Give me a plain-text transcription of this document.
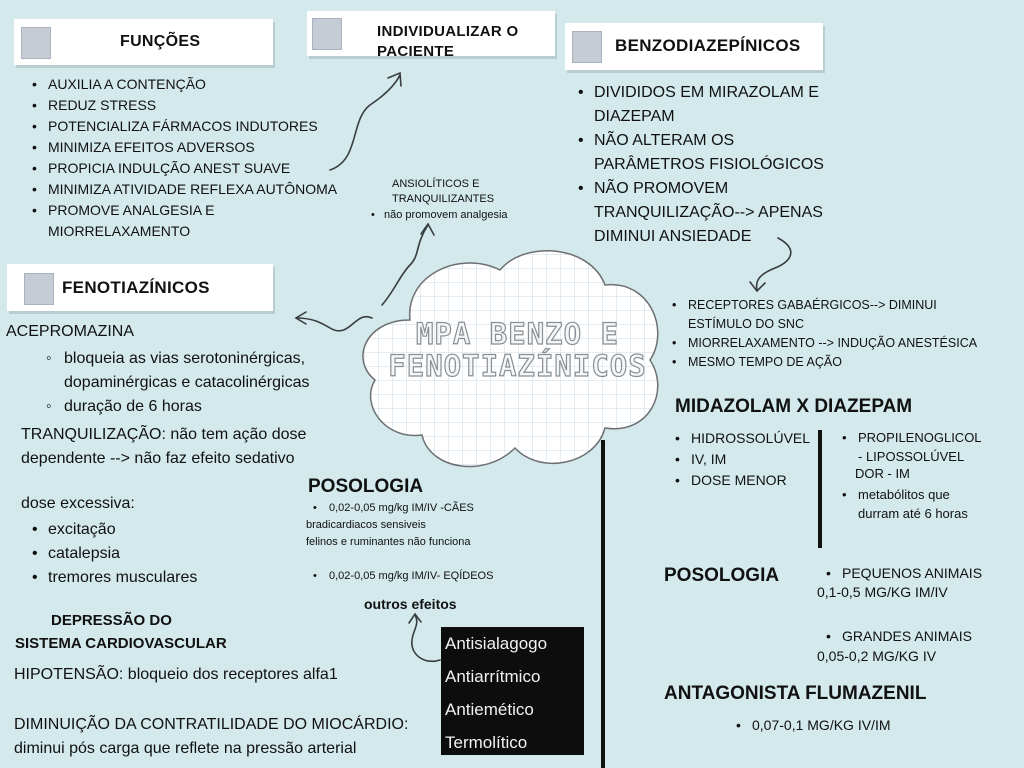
FUNÇÕES
• AUXILIA A CONTENÇÃO
• REDUZ STRESS
• POTENCIALIZA FÁRMACOS INDUTORES
• MINIMIZA EFEITOS ADVERSOS
• PROPICIA INDULÇÃO ANEST SUAVE
• MINIMIZA ATIVIDADE REFLEXA AUTÔNOMA
• PROMOVE ANALGESIA E
MIORRELAXAMENTO
INDIVIDUALIZAR O
PACIENTE
ANSIOLÍTICOS E
TRANQUILIZANTES
• não promovem analgesia
BENZODIAZEPÍNICOS
• DIVIDIDOS EM MIRAZOLAM E
DIAZEPAM
• NÃO ALTERAM OS
PARÂMETROS FISIOLÓGICOS
• NÃO PROMOVEM
TRANQUILIZAÇÃO--> APENAS
DIMINUI ANSIEDADE
• RECEPTORES GABAÉRGICOS--> DIMINUI
ESTÍMULO DO SNC
• MIORRELAXAMENTO --> INDUÇÃO ANESTÉSICA
• MESMO TEMPO DE AÇÃO
MPA BENZO E
FENOTIAZÍNICOS
FENOTIAZÍNICOS
ACEPROMAZINA
◦ bloqueia as vias serotoninérgicas,
dopaminérgicas e catacolinérgicas
◦ duração de 6 horas
TRANQUILIZAÇÃO: não tem ação dose
dependente --> não faz efeito sedativo
dose excessiva:
• excitação
• catalepsia
• tremores musculares
DEPRESSÃO DO
SISTEMA CARDIOVASCULAR
HIPOTENSÃO: bloqueio dos receptores alfa1
DIMINUIÇÃO DA CONTRATILIDADE DO MIOCÁRDIO:
diminui pós carga que reflete na pressão arterial
POSOLOGIA
• 0,02-0,05 mg/kg IM/IV -CÃES
bradicardiacos sensiveis
felinos e ruminantes não funciona
• 0,02-0,05 mg/kg IM/IV- EQÍDEOS
outros efeitos
Antisialagogo
Antiarrítmico
Antiemético
Termolítico
MIDAZOLAM X DIAZEPAM
• HIDROSSOLÚVEL
• IV, IM
• DOSE MENOR
• PROPILENOGLICOL
- LIPOSSOLÚVEL
DOR - IM
• metabólitos que
durram até 6 horas
POSOLOGIA
•	PEQUENOS ANIMAIS
0,1-0,5 MG/KG IM/IV
• GRANDES ANIMAIS
0,05-0,2 MG/KG IV
ANTAGONISTA FLUMAZENIL
• 0,07-0,1 MG/KG IV/IM
